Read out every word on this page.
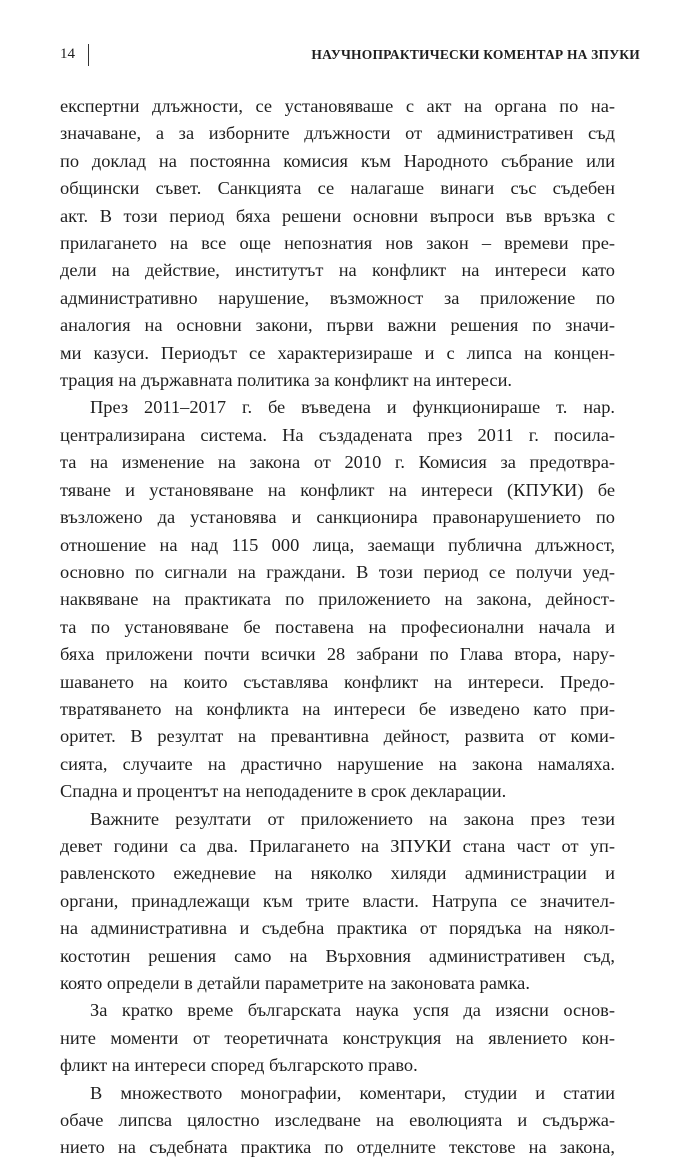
14	НАУЧНОПРАКТИЧЕСКИ КОМЕНТАР НА ЗПУКИ

експертни длъжности, се установяваше с акт на органа по на-
значаване, а за изборните длъжности от административен съд
по доклад на постоянна комисия към Народното събрание или
общински съвет. Санкцията се налагаше винаги със съдебен
акт. В този период бяха решени основни въпроси във връзка с
прилагането на все още непознатия нов закон – времеви пре-
дели на действие, институтът на конфликт на интереси като
административно нарушение, възможност за приложение по
аналогия на основни закони, първи важни решения по значи-
ми казуси. Периодът се характеризираше и с липса на концен-
трация на държавната политика за конфликт на интереси.

През 2011–2017 г. бе въведена и функционираше т. нар.
централизирана система. На създадената през 2011 г. посила-
та на изменение на закона от 2010 г. Комисия за предотвра-
тяване и установяване на конфликт на интереси (КПУКИ) бе
възложено да установява и санкционира правонарушението по
отношение на над 115 000 лица, заемащи публична длъжност,
основно по сигнали на граждани. В този период се получи уед-
наквяване на практиката по приложението на закона, дейност-
та по установяване бе поставена на професионални начала и
бяха приложени почти всички 28 забрани по Глава втора, нару-
шаването на които съставлява конфликт на интереси. Предо-
твратяването на конфликта на интереси бе изведено като при-
оритет. В резултат на превантивна дейност, развита от коми-
сията, случаите на драстично нарушение на закона намаляха.
Спадна и процентът на неподадените в срок декларации.

Важните резултати от приложението на закона през тези
девет години са два. Прилагането на ЗПУКИ стана част от уп-
равленското ежедневие на няколко хиляди администрации и
органи, принадлежащи към трите власти. Натрупа се значител-
на административна и съдебна практика от порядъка на някол-
костотин решения само на Върховния административен съд,
която определи в детайли параметрите на законовата рамка.

За кратко време българската наука успя да изясни основ-
ните моменти от теоретичната конструкция на явлението кон-
фликт на интереси според българското право.

В множеството монографии, коментари, студии и статии
обаче липсва цялостно изследване на еволюцията и съдържа-
нието на съдебната практика по отделните текстове на закона,
